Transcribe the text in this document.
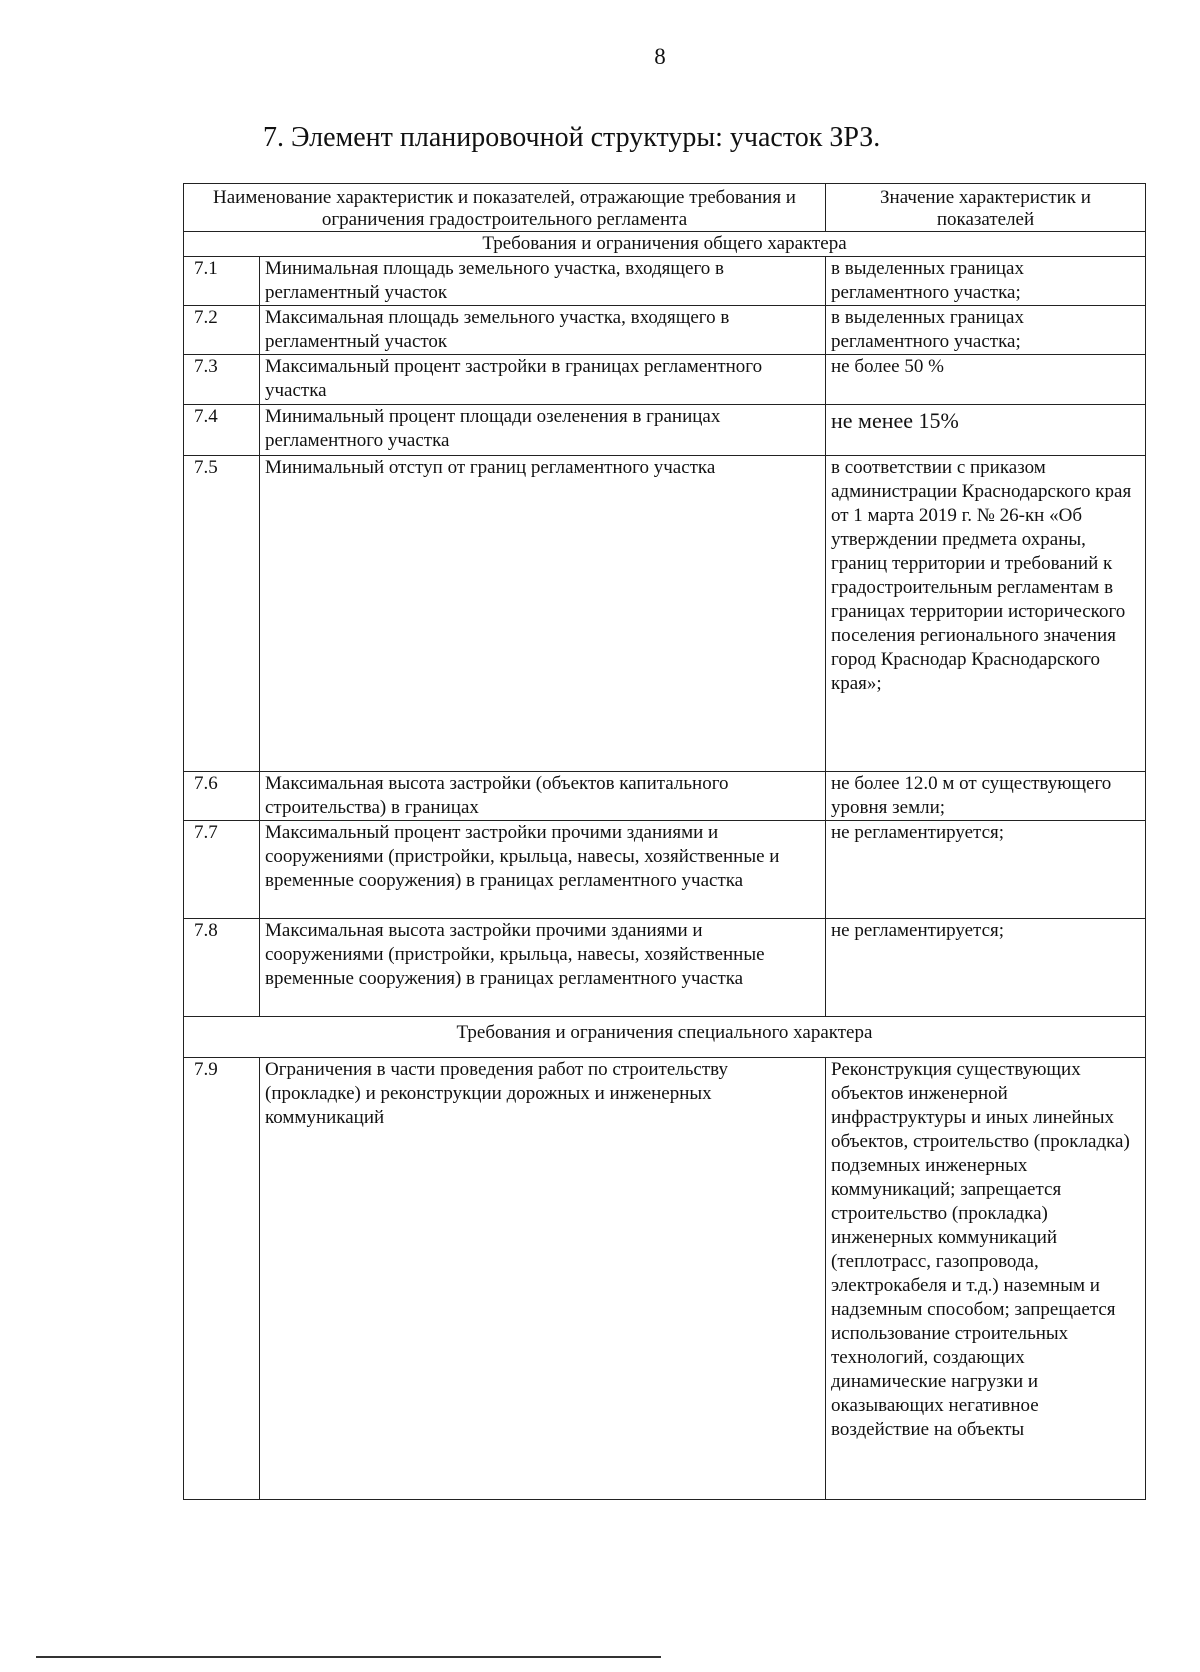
8
7. Элемент планировочной структуры: участок ЗРЗ.
Наименование характеристик и показателей, отражающие требования и ограничения градостроительного регламента		Значение характеристик и показателей
Требования и ограничения общего характера		
7.1	Минимальная площадь земельного участка, входящего в регламентный участок	в выделенных границах регламентного участка;
7.2	Максимальная площадь земельного участка, входящего в регламентный участок	в выделенных границах регламентного участка;
7.3	Максимальный процент застройки в границах регламентного участка	не более 50 %
7.4	Минимальный процент площади озеленения в границах регламентного участка	не менее 15%
7.5	Минимальный отступ от границ регламентного участка	в соответствии с приказом администрации Краснодарского края от 1 марта 2019 г. № 26-кн «Об утверждении предмета охраны, границ территории и требований к градостроительным регламентам в границах территории исторического поселения регионального значения город Краснодар Краснодарского края»;
7.6	Максимальная высота застройки (объектов капитального строительства) в границах	не более 12.0 м от существующего уровня земли;
7.7	Максимальный процент застройки прочими зданиями и сооружениями (пристройки, крыльца, навесы, хозяйственные и временные сооружения) в границах регламентного участка	не регламентируется;
7.8	Максимальная высота застройки прочими зданиями и сооружениями (пристройки, крыльца, навесы, хозяйственные временные сооружения) в границах регламентного участка	не регламентируется;
Требования и ограничения специального характера		
7.9	Ограничения в части проведения работ по строительству (прокладке) и реконструкции дорожных и инженерных коммуникаций	Реконструкция существующих объектов инженерной инфраструктуры и иных линейных объектов, строительство (прокладка) подземных инженерных коммуникаций; запрещается строительство (прокладка) инженерных коммуникаций (теплотрасс, газопровода, электрокабеля и т.д.) наземным и надземным способом; запрещается использование строительных технологий, создающих динамические нагрузки и оказывающих негативное воздействие на объекты
